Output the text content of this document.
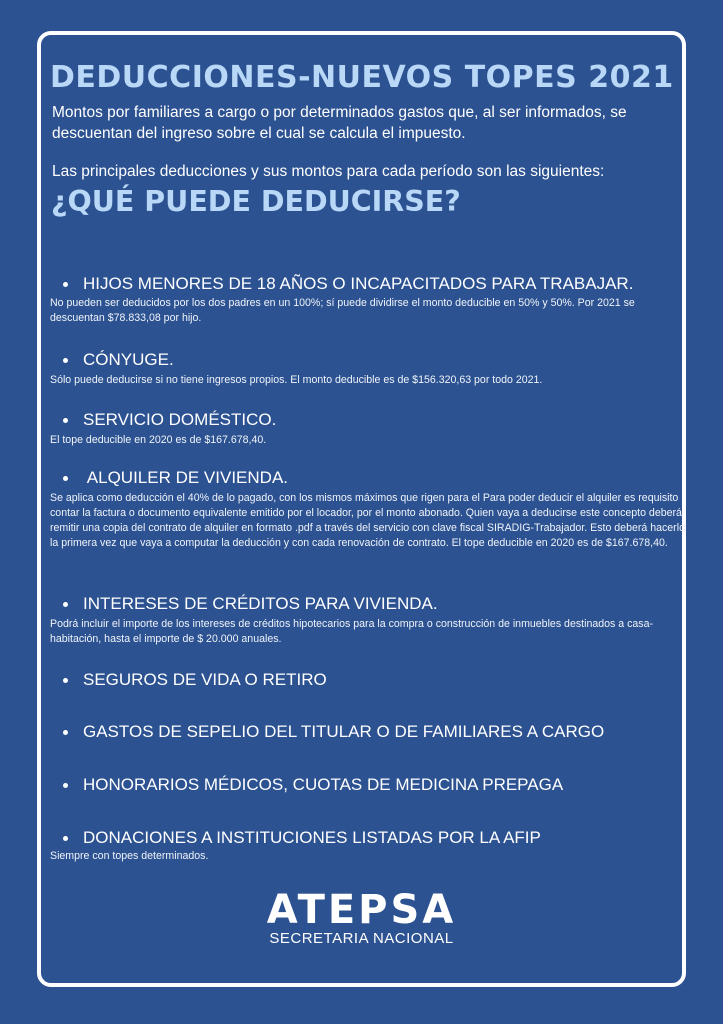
DEDUCCIONES-NUEVOS TOPES 2021
Montos por familiares a cargo o por determinados gastos que, al ser informados, se descuentan del ingreso sobre el cual se calcula el impuesto.
Las principales deducciones y sus montos para cada período son las siguientes:
¿QUÉ PUEDE DEDUCIRSE?
HIJOS MENORES DE 18 AÑOS O INCAPACITADOS PARA TRABAJAR.
No pueden ser deducidos por los dos padres en un 100%; sí puede dividirse el monto deducible en 50% y 50%. Por 2021 se descuentan $78.833,08 por hijo.
CÓNYUGE.
Sólo puede deducirse si no tiene ingresos propios. El monto deducible es de $156.320,63 por todo 2021.
SERVICIO DOMÉSTICO.
El tope deducible en 2020 es de $167.678,40.
ALQUILER DE VIVIENDA.
Se aplica como deducción el 40% de lo pagado, con los mismos máximos que rigen para el Para poder deducir el alquiler es requisito contar la factura o documento equivalente emitido por el locador, por el monto abonado. Quien vaya a deducirse este concepto deberá remitir una copia del contrato de alquiler en formato .pdf a través del servicio con clave fiscal SIRADIG-Trabajador. Esto deberá hacerlo la primera vez que vaya a computar la deducción y con cada renovación de contrato. El tope deducible en 2020 es de $167.678,40.
INTERESES DE CRÉDITOS PARA VIVIENDA.
Podrá incluir el importe de los intereses de créditos hipotecarios para la compra o construcción de inmuebles destinados a casa-habitación, hasta el importe de $ 20.000 anuales.
SEGUROS DE VIDA O RETIRO
GASTOS DE SEPELIO DEL TITULAR O DE FAMILIARES A CARGO
HONORARIOS MÉDICOS, CUOTAS DE MEDICINA PREPAGA
DONACIONES A INSTITUCIONES LISTADAS POR LA AFIP
Siempre con topes determinados.
ATEPSA
SECRETARIA NACIONAL
